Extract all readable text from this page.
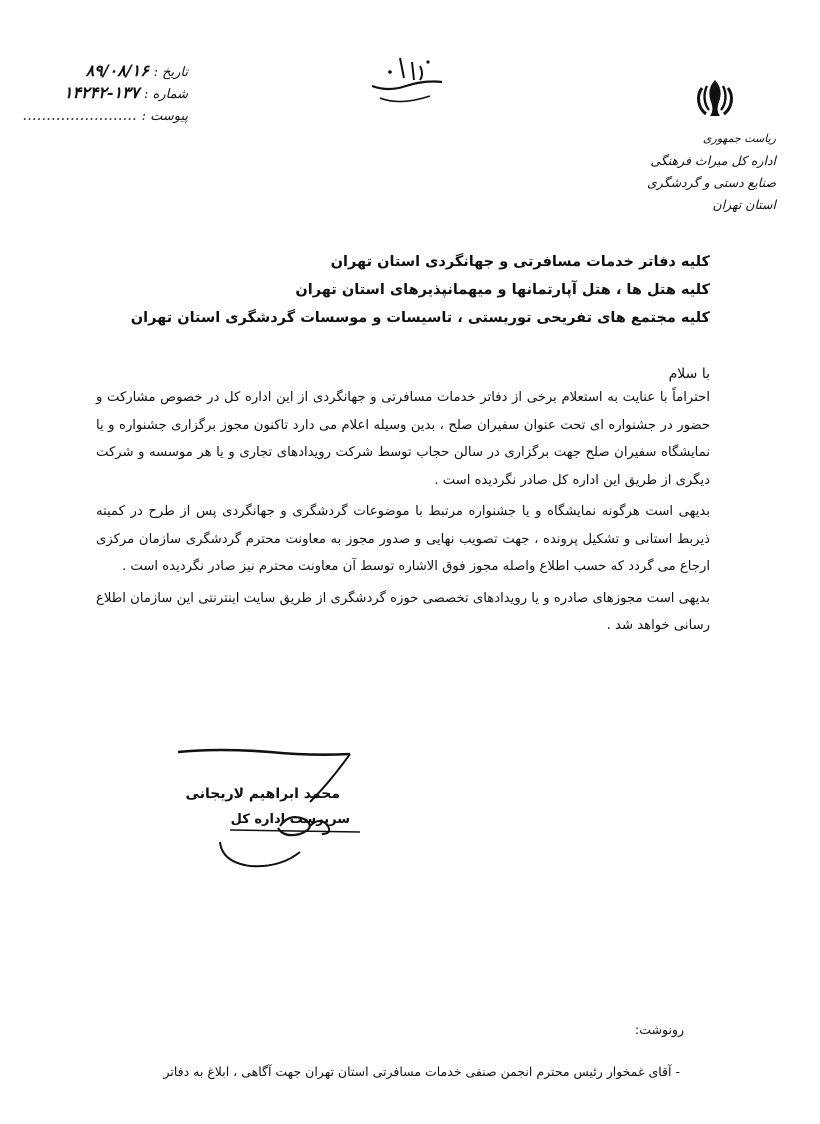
تاریخ : ۸۹/۰۸/۱۶
شماره : ۱۳۷-۱۴۲۴۲
پیوست : ........................
ریاست جمهوری
اداره کل میراث فرهنگی
صنایع دستی و گردشگری
استان تهران
کلیه دفاتر خدمات مسافرتی و جهانگردی استان تهران
کلیه هتل ها ، هتل آپارتمانها و میهمانپذیرهای استان تهران
کلیه مجتمع های تفریحی توریستی ، تاسیسات و موسسات گردشگری استان تهران
با سلام

احتراماً با عنایت به استعلام برخی از دفاتر خدمات مسافرتی و جهانگردی از این اداره کل در خصوص مشارکت و حضور در جشنواره ای تحت عنوان سفیران صلح ، بدین وسیله اعلام می دارد تاکنون مجوز برگزاری جشنواره و یا نمایشگاه سفیران صلح جهت برگزاری در سالن حجاب توسط شرکت رویدادهای تجاری و یا هر موسسه و شرکت دیگری از طریق این اداره کل صادر نگردیده است .

بدیهی است هرگونه نمایشگاه و یا جشنواره مرتبط با موضوعات گردشگری و جهانگردی پس از طرح در کمیته ذیربط استانی و تشکیل پرونده ، جهت تصویب نهایی و صدور مجوز به معاونت محترم گردشگری سازمان مرکزی ارجاع می گردد که حسب اطلاع واصله مجوز فوق الاشاره توسط آن معاونت محترم نیز صادر نگردیده است .

بدیهی است مجوزهای صادره و یا رویدادهای تخصصی حوزه گردشگری از طریق سایت اینترنتی این سازمان اطلاع رسانی خواهد شد .

محمد ابراهیم لاریجانی
سرپرست اداره کل
رونوشت:
- آقای غمخوار رئیس محترم انجمن صنفی خدمات مسافرتی استان تهران جهت آگاهی ، ابلاغ به دفاتر
